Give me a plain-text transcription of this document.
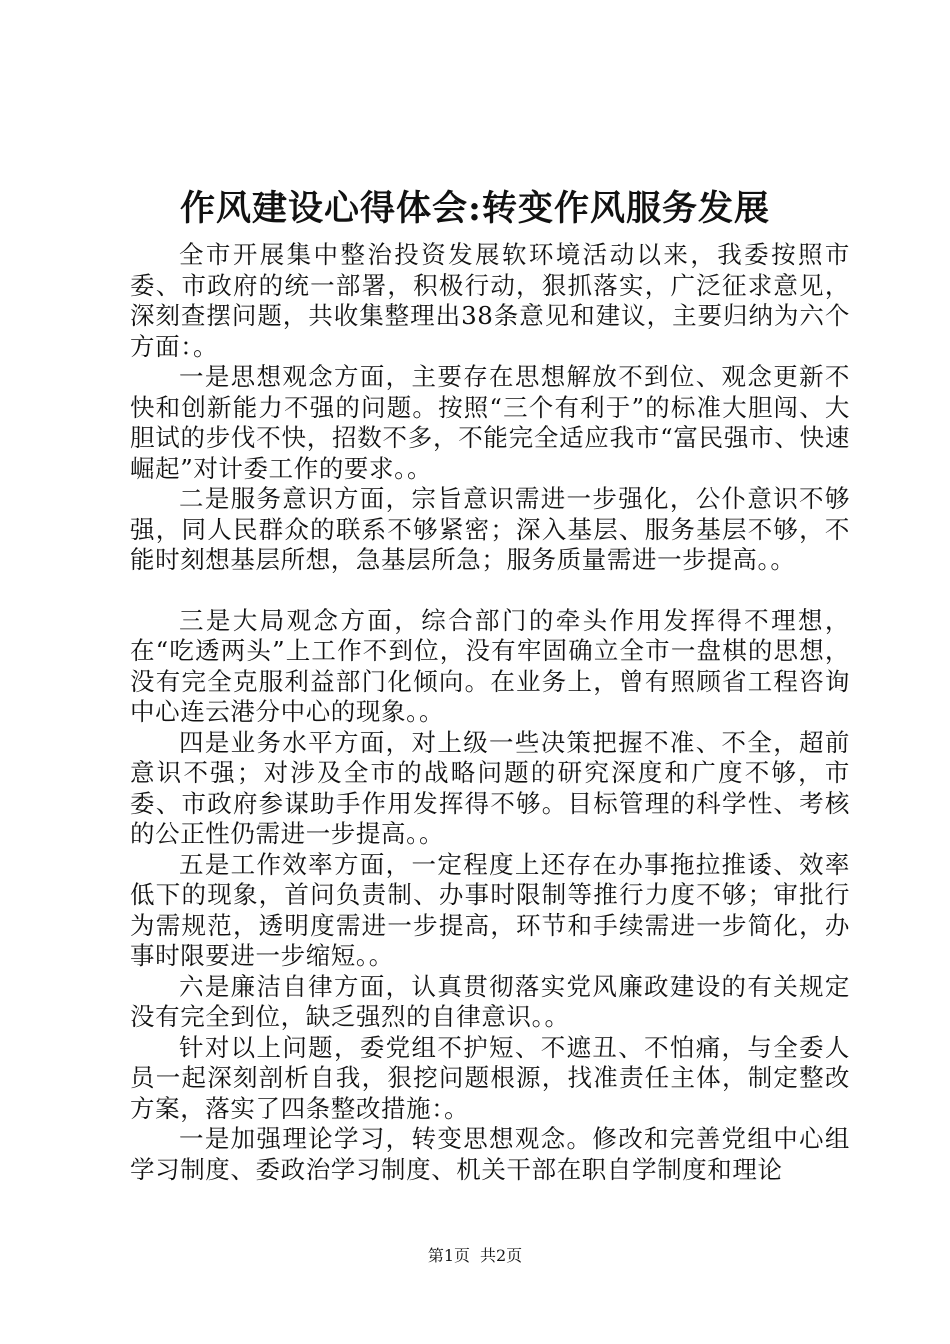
作风建设心得体会:转变作风服务发展

全市开展集中整治投资发展软环境活动以来，我委按照市委、市政府的统一部署，积极行动，狠抓落实，广泛征求意见，深刻查摆问题，共收集整理出38条意见和建议，主要归纳为六个方面：。

一是思想观念方面，主要存在思想解放不到位、观念更新不快和创新能力不强的问题。按照“三个有利于”的标准大胆闯、大胆试的步伐不快，招数不多，不能完全适应我市“富民强市、快速崛起”对计委工作的要求。。

二是服务意识方面，宗旨意识需进一步强化，公仆意识不够强，同人民群众的联系不够紧密；深入基层、服务基层不够，不能时刻想基层所想，急基层所急；服务质量需进一步提高。。

三是大局观念方面，综合部门的牵头作用发挥得不理想，在“吃透两头”上工作不到位，没有牢固确立全市一盘棋的思想，没有完全克服利益部门化倾向。在业务上，曾有照顾省工程咨询中心连云港分中心的现象。。

四是业务水平方面，对上级一些决策把握不准、不全，超前意识不强；对涉及全市的战略问题的研究深度和广度不够，市委、市政府参谋助手作用发挥得不够。目标管理的科学性、考核的公正性仍需进一步提高。。

五是工作效率方面，一定程度上还存在办事拖拉推诿、效率低下的现象，首问负责制、办事时限制等推行力度不够；审批行为需规范，透明度需进一步提高，环节和手续需进一步简化，办事时限要进一步缩短。。

六是廉洁自律方面，认真贯彻落实党风廉政建设的有关规定没有完全到位，缺乏强烈的自律意识。。

针对以上问题，委党组不护短、不遮丑、不怕痛，与全委人员一起深刻剖析自我，狠挖问题根源，找准责任主体，制定整改方案，落实了四条整改措施：。

一是加强理论学习，转变思想观念。修改和完善党组中心组学习制度、委政治学习制度、机关干部在职自学制度和理论

第1页 共2页
